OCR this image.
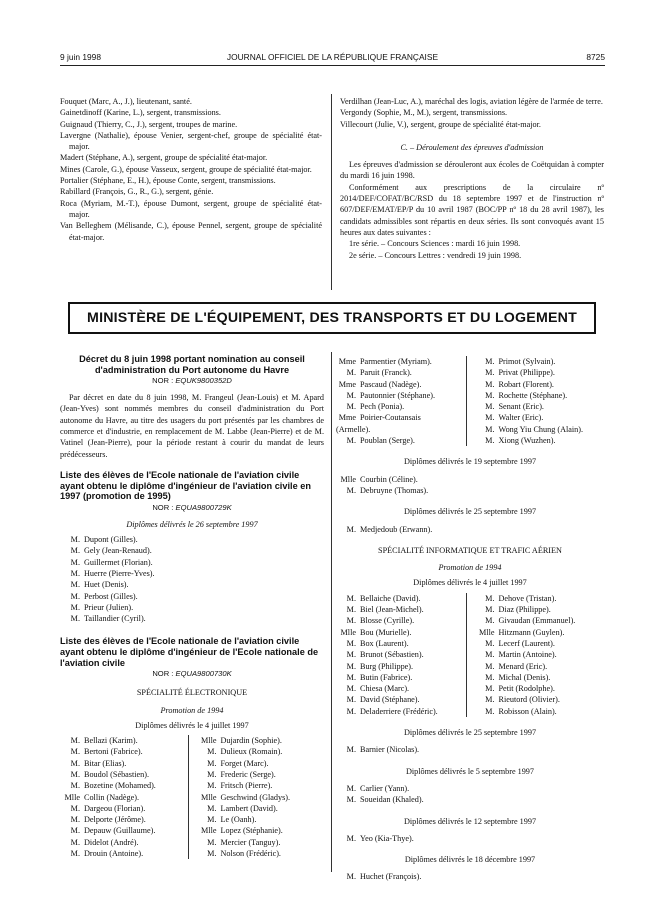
9 juin 1998	JOURNAL OFFICIEL DE LA RÉPUBLIQUE FRANÇAISE	8725
Fouquet (Marc, A., J.), lieutenant, santé.
Gainetdinoff (Karine, L.), sergent, transmissions.
Guignaud (Thierry, C., J.), sergent, troupes de marine.
Lavergne (Nathalie), épouse Venier, sergent-chef, groupe de spécialité état-major.
Madert (Stéphane, A.), sergent, groupe de spécialité état-major.
Mines (Carole, G.), épouse Vasseux, sergent, groupe de spécialité état-major.
Portalier (Stéphane, E., H.), épouse Conte, sergent, transmissions.
Rabillard (François, G., R., G.), sergent, génie.
Roca (Myriam, M.-T.), épouse Dumont, sergent, groupe de spécialité état-major.
Van Belleghem (Mélisande, C.), épouse Pennel, sergent, groupe de spécialité état-major.
Verdilhan (Jean-Luc, A.), maréchal des logis, aviation légère de l'armée de terre.
Vergondy (Sophie, M., M.), sergent, transmissions.
Villecourt (Julie, V.), sergent, groupe de spécialité état-major.
C. – Déroulement des épreuves d'admission
Les épreuves d'admission se dérouleront aux écoles de Coëtquidan à compter du mardi 16 juin 1998.
Conformément aux prescriptions de la circulaire nº 2014/DEF/COFAT/BC/RSD du 18 septembre 1997 et de l'instruction nº 607/DEF/EMAT/EP/P du 10 avril 1987 (BOC/PP nº 18 du 28 avril 1987), les candidats admissibles sont répartis en deux séries. Ils sont convoqués avant 15 heures aux dates suivantes :
1re série. – Concours Sciences : mardi 16 juin 1998.
2e série. – Concours Lettres : vendredi 19 juin 1998.
MINISTÈRE DE L'ÉQUIPEMENT, DES TRANSPORTS ET DU LOGEMENT
Décret du 8 juin 1998 portant nomination au conseil d'administration du Port autonome du Havre
NOR : EQUK9800352D
Par décret en date du 8 juin 1998, M. Frangeul (Jean-Louis) et M. Apard (Jean-Yves) sont nommés membres du conseil d'administration du Port autonome du Havre, au titre des usagers du port présentés par les chambres de commerce et d'industrie, en remplacement de M. Labbe (Jean-Pierre) et de M. Vatinel (Jean-Pierre), pour la période restant à courir du mandat de leurs prédécesseurs.
Liste des élèves de l'Ecole nationale de l'aviation civile ayant obtenu le diplôme d'ingénieur de l'aviation civile en 1997 (promotion de 1995)
NOR : EQUA9800729K
Diplômes délivrés le 26 septembre 1997
M. Dupont (Gilles).
M. Gely (Jean-Renaud).
M. Guillermet (Florian).
M. Huerre (Pierre-Yves).
M. Huet (Denis).
M. Perbost (Gilles).
M. Prieur (Julien).
M. Taillandier (Cyril).
Liste des élèves de l'Ecole nationale de l'aviation civile ayant obtenu le diplôme d'ingénieur de l'Ecole nationale de l'aviation civile
NOR : EQUA9800730K
SPÉCIALITÉ ÉLECTRONIQUE
Promotion de 1994
Diplômes délivrés le 4 juillet 1997
M. Bellazi (Karim).
M. Bertoni (Fabrice).
M. Bitar (Elias).
M. Boudol (Sébastien).
M. Bozetine (Mohamed).
Mlle Collin (Nadège).
M. Dargeou (Florian).
M. Delporte (Jérôme).
M. Depauw (Guillaume).
M. Didelot (André).
M. Drouin (Antoine).
Mlle Dujardin (Sophie).
M. Dulieux (Romain).
M. Forget (Marc).
M. Frederic (Serge).
M. Fritsch (Pierre).
Mlle Geschwind (Gladys).
M. Lambert (David).
M. Le (Oanh).
Mlle Lopez (Stéphanie).
M. Mercier (Tanguy).
M. Nolson (Frédéric).
Mme Parmentier (Myriam).
M. Paruit (Franck).
Mme Pascaud (Nadège).
M. Pautonnier (Stéphane).
M. Pech (Ponia).
Mme Poirier-Coutansais
(Armelle).
M. Poublan (Serge).
M. Primot (Sylvain).
M. Privat (Philippe).
M. Robart (Florent).
M. Rochette (Stéphane).
M. Senant (Eric).
M. Walter (Eric).
M. Wong Yiu Chung (Alain).
M. Xiong (Wuzhen).
Diplômes délivrés le 19 septembre 1997
Mlle Courbin (Céline).
M. Debruyne (Thomas).
Diplômes délivrés le 25 septembre 1997
M. Medjedoub (Erwann).
SPÉCIALITÉ INFORMATIQUE ET TRAFIC AÉRIEN
Promotion de 1994
Diplômes délivrés le 4 juillet 1997
M. Bellaiche (David).
M. Biel (Jean-Michel).
M. Blosse (Cyrille).
Mlle Bou (Murielle).
M. Box (Laurent).
M. Brunot (Sébastien).
M. Burg (Philippe).
M. Butin (Fabrice).
M. Chiesa (Marc).
M. David (Stéphane).
M. Deladerriere (Frédéric).
M. Dehove (Tristan).
M. Diaz (Philippe).
M. Givaudan (Emmanuel).
Mlle Hitzmann (Guylen).
M. Lecerf (Laurent).
M. Martin (Antoine).
M. Menard (Eric).
M. Michal (Denis).
M. Petit (Rodolphe).
M. Rieutord (Olivier).
M. Robisson (Alain).
Diplômes délivrés le 25 septembre 1997
M. Barnier (Nicolas).
Diplômes délivrés le 5 septembre 1997
M. Carlier (Yann).
M. Soueidan (Khaled).
Diplômes délivrés le 12 septembre 1997
M. Yeo (Kia-Thye).
Diplômes délivrés le 18 décembre 1997
M. Huchet (François).
